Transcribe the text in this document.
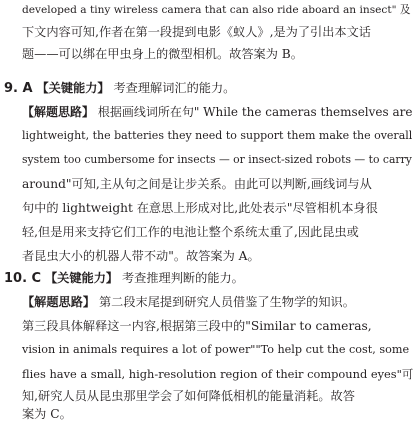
developed a tiny wireless camera that can also ride aboard an insect" 及
下文内容可知,作者在第一段提到电影《蚁人》,是为了引出本文话
题——可以绑在甲虫身上的微型相机。故答案为 B。
9. A 【关键能力】 考查理解词汇的能力。
【解题思路】 根据画线词所在句" While the cameras themselves are
lightweight, the batteries they need to support them make the overall
system too cumbersome for insects — or insect-sized robots — to carry
around"可知,主从句之间是让步关系。由此可以判断,画线词与从
句中的 lightweight 在意思上形成对比,此处表示"尽管相机本身很
轻,但是用来支持它们工作的电池让整个系统太重了,因此昆虫或
者昆虫大小的机器人带不动"。故答案为 A。
10. C 【关键能力】 考查推理判断的能力。
【解题思路】 第二段末尾提到研究人员借鉴了生物学的知识。
第三段具体解释这一内容,根据第三段中的"Similar to cameras,
vision in animals requires a lot of power""To help cut the cost, some
flies have a small, high-resolution region of their compound eyes"可
知,研究人员从昆虫那里学会了如何降低相机的能量消耗。故答
案为 C。
